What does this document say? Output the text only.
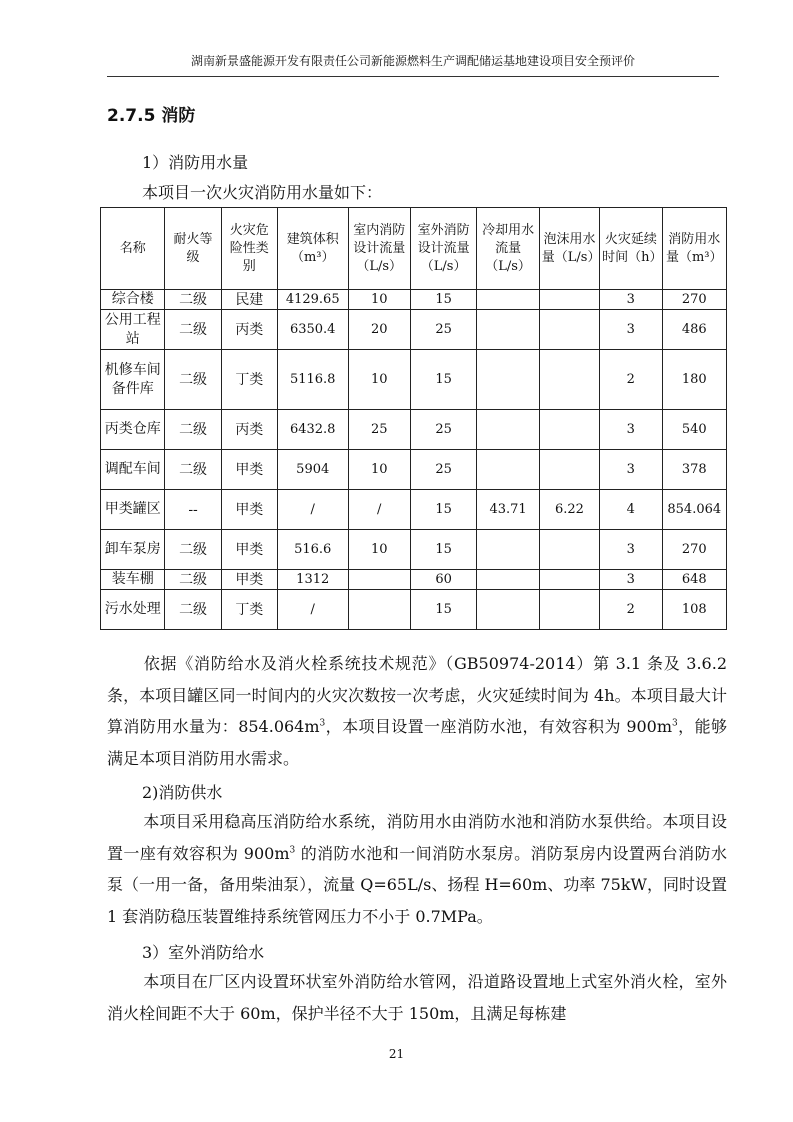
湖南新景盛能源开发有限责任公司新能源燃料生产调配储运基地建设项目安全预评价
2.7.5 消防
1）消防用水量
本项目一次火灾消防用水量如下：
名称	耐火等级	火灾危险性类别	建筑体积（m³）	室内消防设计流量（L/s）	室外消防设计流量（L/s）	冷却用水流量（L/s）	泡沫用水量（L/s）	火灾延续时间（h）	消防用水量（m³）
综合楼	二级	民建	4129.65	10	15			3	270
公用工程站	二级	丙类	6350.4	20	25			3	486
机修车间备件库	二级	丁类	5116.8	10	15			2	180
丙类仓库	二级	丙类	6432.8	25	25			3	540
调配车间	二级	甲类	5904	10	25			3	378
甲类罐区	--	甲类	/	/	15	43.71	6.22	4	854.064
卸车泵房	二级	甲类	516.6	10	15			3	270
装车棚	二级	甲类	1312		60			3	648
污水处理	二级	丁类	/		15			2	108
依据《消防给水及消火栓系统技术规范》（GB50974-2014）第 3.1 条及 3.6.2 条，本项目罐区同一时间内的火灾次数按一次考虑，火灾延续时间为 4h。本项目最大计算消防用水量为：$854.064m^3$，本项目设置一座消防水池，有效容积为 $900m^3$，能够满足本项目消防用水需求。
2)消防供水
本项目采用稳高压消防给水系统，消防用水由消防水池和消防水泵供给。本项目设置一座有效容积为 $900m^3$ 的消防水池和一间消防水泵房。消防泵房内设置两台消防水泵（一用一备，备用柴油泵），流量 Q=65L/s、扬程 H=60m、功率 75kW，同时设置 1 套消防稳压装置维持系统管网压力不小于 0.7MPa。
3）室外消防给水
本项目在厂区内设置环状室外消防给水管网，沿道路设置地上式室外消火栓，室外消火栓间距不大于 60m，保护半径不大于 150m，且满足每栋建
21
